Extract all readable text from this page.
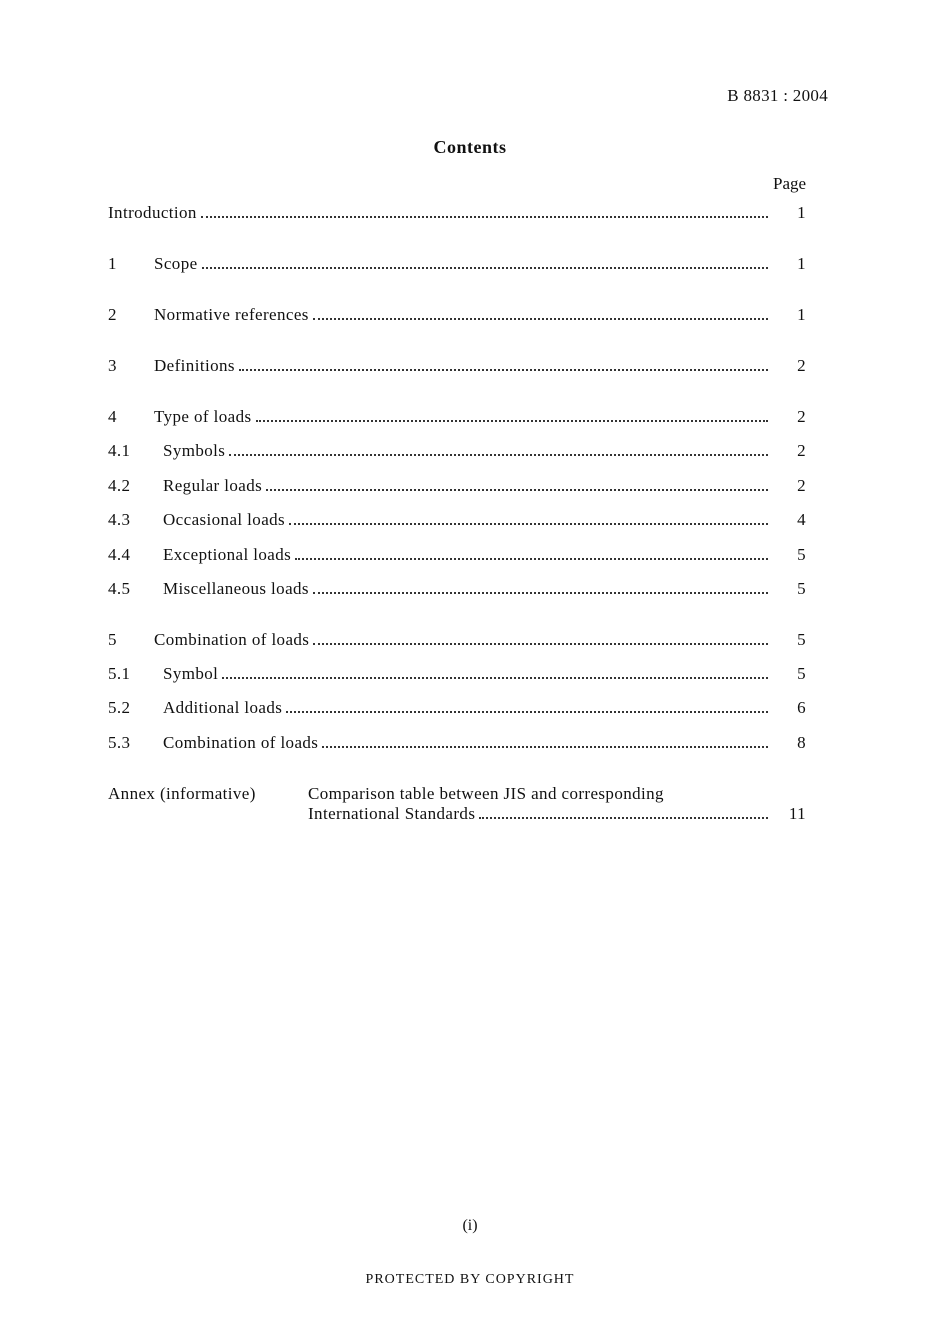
B 8831 : 2004
Contents
Page
Introduction	1
1 Scope	1
2 Normative references	1
3 Definitions	2
4 Type of loads	2
4.1 Symbols	2
4.2 Regular loads	2
4.3 Occasional loads	4
4.4 Exceptional loads	5
4.5 Miscellaneous loads	5
5 Combination of loads	5
5.1 Symbol	5
5.2 Additional loads	6
5.3 Combination of loads	8
Annex (informative)	Comparison table between JIS and corresponding
International Standards	11
(i)
PROTECTED BY COPYRIGHT
